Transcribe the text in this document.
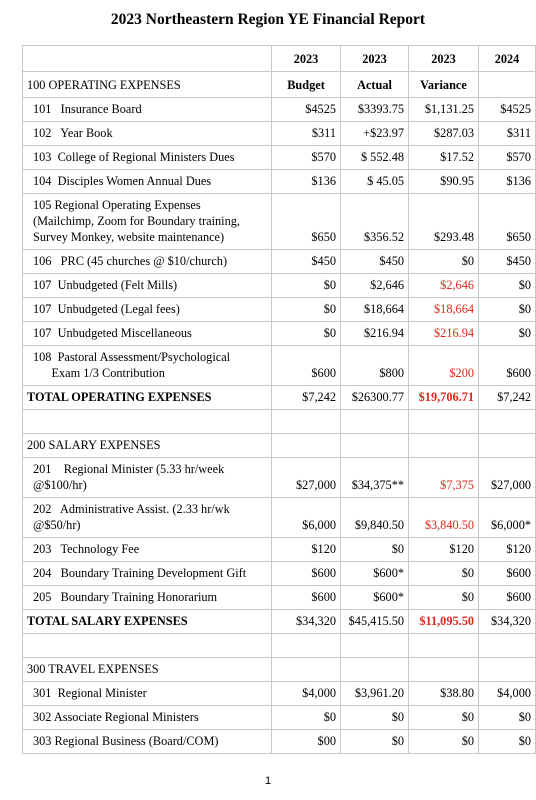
2023 Northeastern Region YE Financial Report
	2023	2023	2023	2024
100 OPERATING EXPENSES	Budget	Actual	Variance	
101   Insurance Board	$4525	$3393.75	$1,131.25	$4525
102   Year Book	$311	+$23.97	$287.03	$311
103  College of Regional Ministers Dues	$570	$ 552.48	$17.52	$570
104  Disciples Women Annual Dues	$136	$ 45.05	$90.95	$136
105 Regional Operating Expenses
(Mailchimp, Zoom for Boundary training,
Survey Monkey, website maintenance)	$650	$356.52	$293.48	$650
106   PRC (45 churches @ $10/church)	$450	$450	$0	$450
107  Unbudgeted (Felt Mills)	$0	$2,646	$2,646	$0
107  Unbudgeted (Legal fees)	$0	$18,664	$18,664	$0
107  Unbudgeted Miscellaneous	$0	$216.94	$216.94	$0
108  Pastoral Assessment/Psychological
Exam 1/3 Contribution	$600	$800	$200	$600
TOTAL OPERATING EXPENSES	$7,242	$26300.77	$19,706.71	$7,242

200 SALARY EXPENSES				
201    Regional Minister (5.33 hr/week
@$100/hr)	$27,000	$34,375**	$7,375	$27,000
202   Administrative Assist. (2.33 hr/wk
@$50/hr)	$6,000	$9,840.50	$3,840.50	$6,000*
203   Technology Fee	$120	$0	$120	$120
204   Boundary Training Development Gift	$600	$600*	$0	$600
205   Boundary Training Honorarium	$600	$600*	$0	$600
TOTAL SALARY EXPENSES	$34,320	$45,415.50	$11,095.50	$34,320

300 TRAVEL EXPENSES				
301  Regional Minister	$4,000	$3,961.20	$38.80	$4,000
302 Associate Regional Ministers	$0	$0	$0	$0
303 Regional Business (Board/COM)	$00	$0	$0	$0
1
